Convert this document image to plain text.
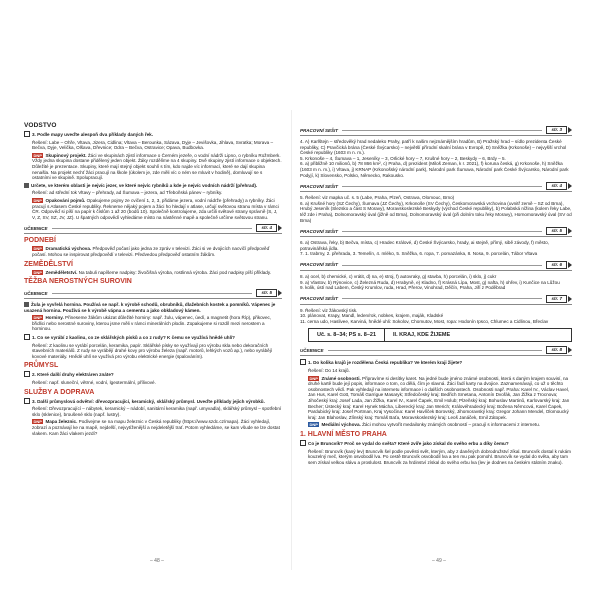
VODSTVO

3. Podle mapy uveďte alespoň dva příklady daných řek.

Řešení: Labe – Ohře, Vltava, Jizera, Cidlina; Vltava – Berounka, Sázava, Dyje – Jevišovka, Jihlava, Svratka; Morava – Bečva, Dyje, Velička, Olšava, Dřevnice; Odra – Bečva, Ostravice; Opava, Budbovka.

DNP Skupinový projekt. Žáci ve skupinách zjistí informace o Černém jezeře, o vodní nádrži Lipno, o rybníku Rožmberk. Vždy jedna skupina dostane přidělený jeden objekt. Žáky rozdělíme na 4 skupiny. Dvě skupiny zjistí informace o objektech. Důležité je prezentace. Skupiny, které mají stejný objekt souhlí s tím, kdo najde víc informací, které se dají skupina nenašla. Na projekt nechť žáci pracují na škole (úkolem je, zde měli víc o ném se mluvit v hodině), domluvují se s ostatními ve skupině. Spolupracují.

Určete, ve kterém oblasti je nejvíc jezer, ve které nejvíc rybníků a kde je nejvíc vodních nádrží (přehrad).

Řešení: ad střední tok Vltavy – přehrady, ad Šumava – jezera, ad Třeboňská pánev – rybníky.

DNP Opakování pojmů. Opakujeme pojmy ze cvičení 1, 2, 3, přidáme jezera, vodní nádrže (přehrady) a rybníky. Žáci pracují s Atlasem České republiky. Řekneme nějaký pojem a žáci ho hledají v atlase, určují světovou stranu místa v rámci ČR. Odpověď si píší na papír k číslům 1 až 20 (bodů 10). Společně kontrolujeme, zda určili světové strany správně (S, J, V, Z, SV, SZ, JV, JZ). U špatných odpovědí vyhledáme místo na nástěnné mapě a společně určíme světovou stranu.

UČEBNICE	str. 4
PODNEBÍ

DNP Dramatická výchova. Předpověď počasí jako jedna ze zpráv v televizi. Žáci si ve dvojicích nacvičí předpověď počasí. Mohou se inspirovat předpovědí v televizi. Předvedou předpověď ostatním žákům.

ZEMĚDĚLSTVÍ

DNP Zeměděletství. Na tabuli napíšeme nadpisy: živočišná výroba, rostlinná výroba. Žáci pod nadpisy píší příklady.

TĚŽBA NEROSTNÝCH SUROVIN
UČEBNICE	str. 5

Žula je vyvřelá hornina. Používá se např. k výrobě schodů, obrubníků, dlažebních kostek a pomníků. Vápenec je usazená hornina. Používá se k výrobě vápna a cementu a jako obkladový kámen.

DNP Horniny. Přineseme žákům ukázat důležité horniny: např. žulu, vápenec, úedí, a magnetit (hora Říp), přikovec, břidlici nebo nerostné suroviny, kterou jsme měli v rámci minerálních plodin. Zopakujeme si rozdíl mezi nerostem a horninou.

1. Co se vyrábí z kaolinu, co ze sklářských písků a co z rudy? K čemu se využívá hnědé uhlí?

Řešení: Z kaolinu se vyrábí porcelán, keramika, papír. Sklářské písky se využívají pro výrobu skla nebo dekoračních stavebních materiálů. Z rudy se vyrábějí drahé kovy pro výrobu železa (např. motorů, lehkých vozů ap.), nebo vyrábějí kovové materiály. Hnědé uhlí se využívá pro výrobu elektrické energie (spalováním).

PRŮMYSL

2. Které další druhy elektráren znáte?

Řešení: např. sluneční, větrné, vodní, lgeotermální, přílivové.

SLUŽBY A DOPRAVA

3. Další průmyslová odvětví: dřevozpracující, keramický, sklářský průmysl. Uveďte příklady jejich výrobků.

Řešení: Dřevozpracující – nábytek, keramický – nádobí, sanitární keramika (např. umyvadla), sklářský průmysl – spotřební sklo (sklenice), broušené sklo (např. lustry).

DNP Mapa železnic. Podívejme se na mapu železnic v Česká republiky (https://www.szdc.cz/mapa). Žáci vyhledají, zobrazí a poznávají ke na mapě, nejdelší, nejvytíženější a nejdeletější trať. Potom vyhledáme, se kam všude se lze dostat vlakem. Kam žáci vlakem jezdí?

– 48 –
PRACOVNÍ SEŠIT	str. 3

4. A) Karlštejn – středověký hrad nedaleko Prahy, patří k našim nejznámějším hradům, B) Pražský hrad – sídlo prezidenta České republiky, C) Pravčická brána (České Švýcarsko) – největší přírodní skalní brána v Evropě, D) Sněžka (Krkonoše) – nejvyšší vrchol České republiky (1603 m n. m.).
5. Krkonoše – 4, Šumava – 1, Jeseníky – 3, Orlické hory – 7, Krušné hory – 2, Beskydy – 6, Brdy – 5.
6. a) přibližně 10 milionů, b) 78 866 km², c) Praha, d) prezident (Miloš Zeman, k r. 2021), f) koruna česká, g) Krkonoše, h) Sněžka (1603 m n. m.), i) Vltava, j) KRNAP (Krkonošský národní park), Národní park Šumava, Národní park České Švýcarsko, Národní park Podyjí, k) Slovensko, Polsko, Německo, Rakousko.

PRACOVNÍ SEŠIT	str. 4

5. Řešení: viz mapka uč. s. 5 (Labe, Praha, Plzeň, Ostrava, Olomouc, Brno)
6. a) Krušné hory (SZ Čechy), Šumava (JZ Čechy), Krkonoše (SV Čechy), Českomoravská vrchovina (uvnitř země – SZ od Brna), Hrubý Jeseník (Slezsko a část S Moravy), Moravskoslezské Beskydy (východ České republiky), b) Polabská nížina (kolem řeky Labe, též zde i Praha), Dolnomoravský úval (jižně od Brna), Dolnomoravský úval (při dolním toku řeky Moravy), Hornomoravský úval (SV od Brna)

PRACOVNÍ SEŠIT	str. 5

6. a) Ostrava, řeky, b) Bečva, místa, c) Hradec Králové, d) České Švýcarsko, hrady, ai stejně, přímý, sibě závody, f) město, potravinářská jídla.
7. 1. trabrny, 2. přehrada, 3. Temelín, 4. mléko, 5. Sněžka, 6. ropa, 7. pomazánka, 8. Nosa, 9. porcelán, Tábor Vltava

PRACOVNÍ SEŠIT	str. 6

8. a) ocel, b) chemické, c) vrátit, d) na, e) stroj, f) autovraky, g) stavba, h) porcelán, i) sklo, j) cukr
9. a) Vlastov, b) Rýnovice, c) Železná Ruda, d) Hrabyně, e) Kladno, f) Krásná Lípa, Most, g) nafta, h) ohřev, i) Kunčice na Lůžou
9. kolik, ústí nad Labem, Český Krumlov, ruda, Hrad, Přerov, Vinohrad, Děčín, Praha, Jiří z Poděbrad

PRACOVNÍ SEŠIT	str. 7

9. Řešení: viz žákovský tisk.
10. plánovat, Krapy, Mandl, leden/rok, nobkes, krajem, maják, Kladské
11. cerna udo, Haslivee, Karviná, hnědé uhli: Sokolov, Chomutov, Most, ropa: Hodonín Ipsco, Chlumec a Cidlinou, Břeclav

Uč. s. 8–34; PS s. 8–21	II. KRAJ, KDE ŽIJEME
UČEBNICE	str. 8

1. Do kolika krajů je rozdělena Česká republika? Ve kterém kraji žijete?

Řešení: Do 14 krajů.

DNP Známé osobnosti. Připravíme si desítky karet. Na jedné bude jméno známé osobnosti, která s daným krajem souvisí, na druhé kartě bude její popis, informace o tom, co dělá, čím je slavná. Žáci řadí karty na dvojice. Zaznamenávají, co už o těchto osobnostech vědí. Pak vyhledají na internetu informace i o dalších osobnostech. Osobnosti např. Praha: Karel IV., Václav Havel, Jan Hus, Karel Gott, Tomáš Garrigue Masaryk; Středočeský kraj: Bedřich Smetana, Antonín Dvořák, Jan Žižka z Trocnova; Jihočeský kraj: Josef Lada, Jan Žižka, Karel IV., Karel Čapek, Emil Holub; Plzeňský kraj: Bohuslav Martinů, Karlovarský kraj: Jan Becher; Ústecký kraj: Karel Hynek Mácha, Liberecký kraj: Jan Werich; Královéhradecký kraj: Božena Němcová, Karel Čapek, Pardubický kraj: Josef Portman, Kraj Vysočina: Karel Havlíček Borovský, Jihomoravský kraj: Gregor Johann Mendel, Olomoucký kraj: Jan Blahoslav, Zlínský kraj: Tomáš Baťa, Moravskoslezský kraj: Leoš Janáček, Emil Zátopek.

DNP Mediální výchova. Žáci mohou vytvořit medailonky známých osobností – pracují s informacemi z internetu.

1. HLAVNÍ MĚSTO PRAHA

Co je Bruncvík? Proč se vydal do světa? Které zvíře jako získal do svého erbu a díky čemu?

Řešení: Bruncvík (kaný lev) Bruncvík šel podle pověsti svět, kterým, aby z daněných dobrodružství zíkal. Bruncvík dostal k rukám kouzelný meč, kterým osvobodil lva. Po cestě Bruncvík osvobodil lva a ten mu pak pomohl. Bruncvík se vydal do světa, aby tam sem získal velkou slávu a proslulost. Bruncvík za hrdinství získal do svého erbu lva (lev je dodnes na českém státním znaku).

– 49 –
